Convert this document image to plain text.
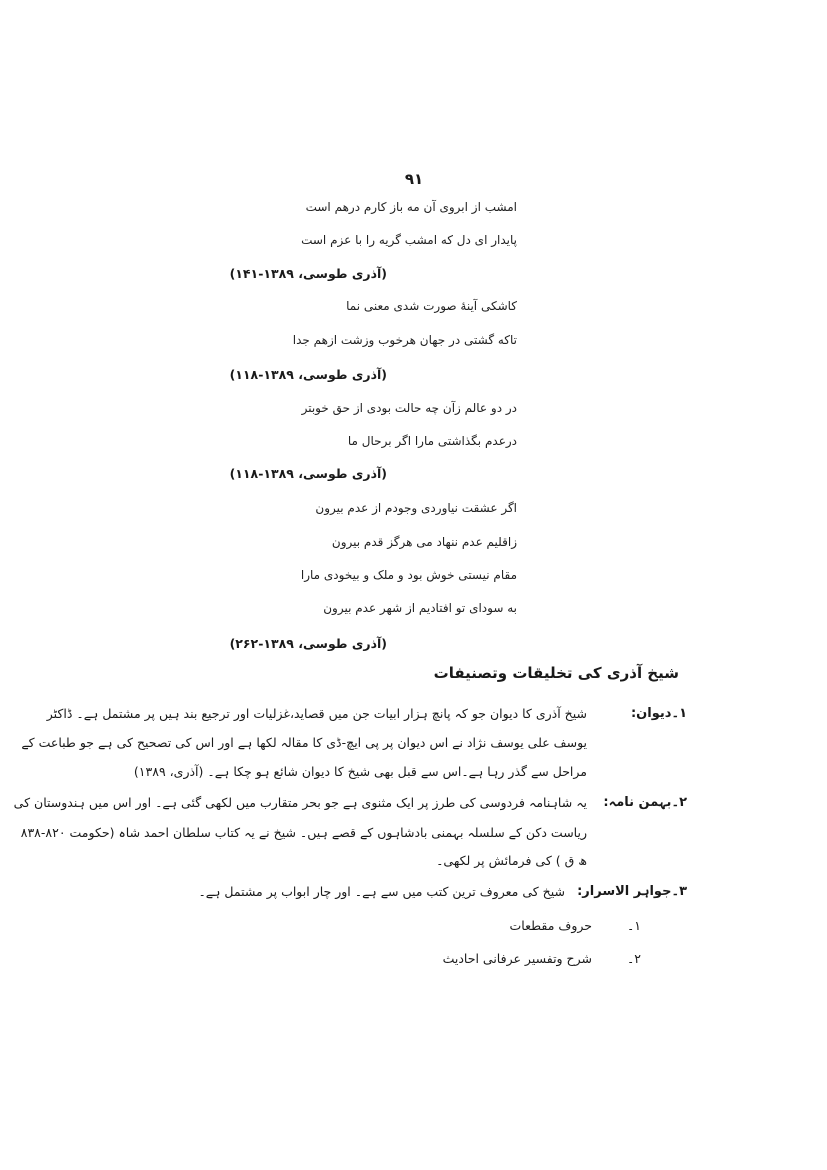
۹۱
امشب از ابروی آن مه باز کارم درهم است
پایدار ای دل که امشب گریه را با عزم است
(آذری طوسی، ۱۳۸۹-۱۴۱)
کاشکی آینهٔ صورت شدی معنی نما
تاکه گشتی در جهان هرخوب وزشت ازهم جدا
(آذری طوسی، ۱۳۸۹-۱۱۸)
در دو عالم زآن چه حالت بودی از حق خوبتر
درعدم بگذاشتی مارا اگر برحال ما
(آذری طوسی، ۱۳۸۹-۱۱۸)
اگر عشقت نیاوردی وجودم از عدم بیرون
زاقلیم عدم ننهاد می هرگز قدم بیرون
مقام نیستی خوش بود و ملک و بیخودی مارا
به سودای تو افتادیم از شهر عدم بیرون
(آذری طوسی، ۱۳۸۹-۲۶۲)
شیخ آذری کی تخلیقات وتصنیفات
۱۔دیوان:
شیخ آذری کا دیوان جو کہ پانچ ہزار ابیات جن میں قصاید،غزلیات اور ترجیع بند ہیں پر مشتمل ہے۔ ڈاکٹر
یوسف علی یوسف نژاد نے اس دیوان پر پی ایچ-ڈی کا مقالہ لکھا ہے اور اس کی تصحیح کی ہے جو طباعت کے
مراحل سے گذر رہا ہے۔اس سے قبل بھی شیخ کا دیوان شائع ہو چکا ہے۔ (آذری، ۱۳۸۹)
۲۔بہمن نامہ:
یہ شاہنامہ فردوسی کی طرز پر ایک مثنوی ہے جو بحر متقارب میں لکھی گئی ہے۔ اور اس میں ہندوستان کی
ریاست دکن کے سلسلہ بہمنی بادشاہوں کے قصے ہیں۔ شیخ نے یہ کتاب سلطان احمد شاہ (حکومت ۸۲۰-۸۳۸
ھ ق ) کی فرمائش پر لکھی۔
۳۔جواہر الاسرار:
شیخ کی معروف ترین کتب میں سے ہے۔ اور چار ابواب پر مشتمل ہے۔
۱۔
حروف مقطعات
۲۔
شرح وتفسیر عرفانی احادیث
